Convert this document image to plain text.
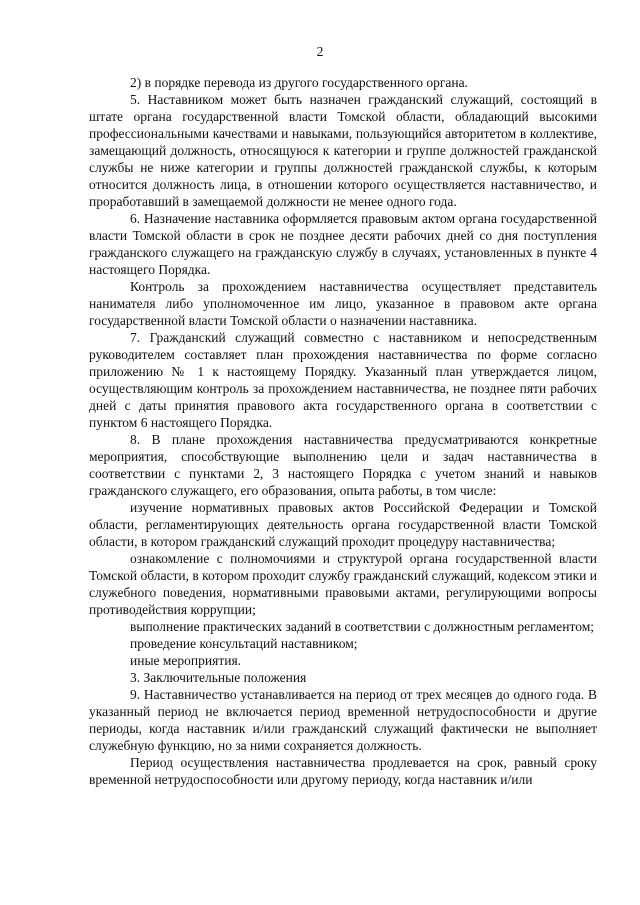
2

2) в порядке перевода из другого государственного органа.

5. Наставником может быть назначен гражданский служащий, состоящий в штате органа государственной власти Томской области, обладающий высокими профессиональными качествами и навыками, пользующийся авторитетом в коллективе, замещающий должность, относящуюся к категории и группе должностей гражданской службы не ниже категории и группы должностей гражданской службы, к которым относится должность лица, в отношении которого осуществляется наставничество, и проработавший в замещаемой должности не менее одного года.

6. Назначение наставника оформляется правовым актом органа государственной власти Томской области в срок не позднее десяти рабочих дней со дня поступления гражданского служащего на гражданскую службу в случаях, установленных в пункте 4 настоящего Порядка.

Контроль за прохождением наставничества осуществляет представитель нанимателя либо уполномоченное им лицо, указанное в правовом акте органа государственной власти Томской области о назначении наставника.

7. Гражданский служащий совместно с наставником и непосредственным руководителем составляет план прохождения наставничества по форме согласно приложению № 1 к настоящему Порядку. Указанный план утверждается лицом, осуществляющим контроль за прохождением наставничества, не позднее пяти рабочих дней с даты принятия правового акта государственного органа в соответствии с пунктом 6 настоящего Порядка.

8. В плане прохождения наставничества предусматриваются конкретные мероприятия, способствующие выполнению цели и задач наставничества в соответствии с пунктами 2, 3 настоящего Порядка с учетом знаний и навыков гражданского служащего, его образования, опыта работы, в том числе:

изучение нормативных правовых актов Российской Федерации и Томской области, регламентирующих деятельность органа государственной власти Томской области, в котором гражданский служащий проходит процедуру наставничества;

ознакомление с полномочиями и структурой органа государственной власти Томской области, в котором проходит службу гражданский служащий, кодексом этики и служебного поведения, нормативными правовыми актами, регулирующими вопросы противодействия коррупции;

выполнение практических заданий в соответствии с должностным регламентом;

проведение консультаций наставником;

иные мероприятия.

3. Заключительные положения

9. Наставничество устанавливается на период от трех месяцев до одного года. В указанный период не включается период временной нетрудоспособности и другие периоды, когда наставник и/или гражданский служащий фактически не выполняет служебную функцию, но за ними сохраняется должность.

Период осуществления наставничества продлевается на срок, равный сроку временной нетрудоспособности или другому периоду, когда наставник и/или
